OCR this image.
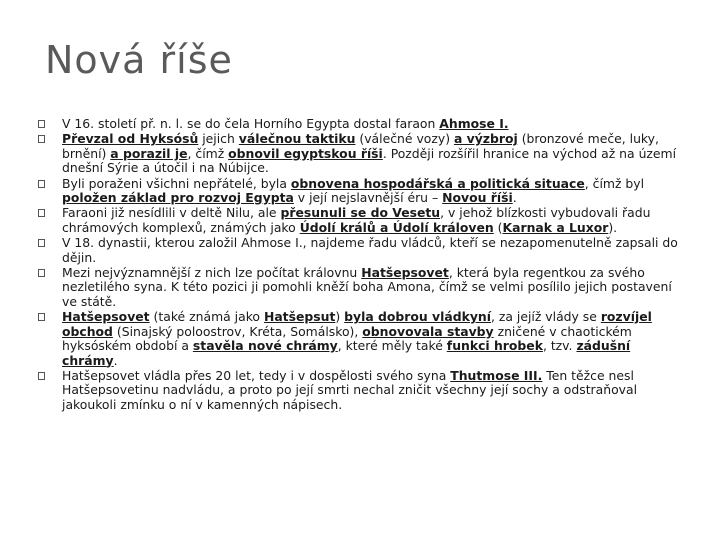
Nová říše
V 16. století př. n. l. se do čela Horního Egypta dostal faraon Ahmose I.
Převzal od Hyksósů jejich válečnou taktiku (válečné vozy) a výzbroj (bronzové meče, luky, brnění) a porazil je, čímž obnovil egyptskou říši. Později rozšířil hranice na východ až na území dnešní Sýrie a útočil i na Núbijce.
Byli poraženi všichni nepřátelé, byla obnovena hospodářská a politická situace, čímž byl položen základ pro rozvoj Egypta v její nejslavnější éru – Novou říši.
Faraoni již nesídlili v deltě Nilu, ale přesunuli se do Vesetu, v jehož blízkosti vybudovali řadu chrámových komplexů, známých jako Údolí králů a Údolí královen (Karnak a Luxor).
V 18. dynastii, kterou založil Ahmose I., najdeme řadu vládců, kteří se nezapomenutelně zapsali do dějin.
Mezi nejvýznamnější z nich lze počítat královnu Hatšepsovet, která byla regentkou za svého nezletilého syna. K této pozici ji pomohli kněží boha Amona, čímž se velmi posílilo jejich postavení ve státě.
Hatšepsovet (také známá jako Hatšepsut) byla dobrou vládkyní, za jejíž vlády se rozvíjel obchod (Sinajský poloostrov, Kréta, Somálsko), obnovovala stavby zničené v chaotickém hyksóském období a stavěla nové chrámy, které měly také funkci hrobek, tzv. zádušní chrámy.
Hatšepsovet vládla přes 20 let, tedy i v dospělosti svého syna Thutmose III. Ten těžce nesl Hatšepsovetinu nadvládu, a proto po její smrti nechal zničit všechny její sochy a odstraňoval jakoukoli zmínku o ní v kamenných nápisech.
